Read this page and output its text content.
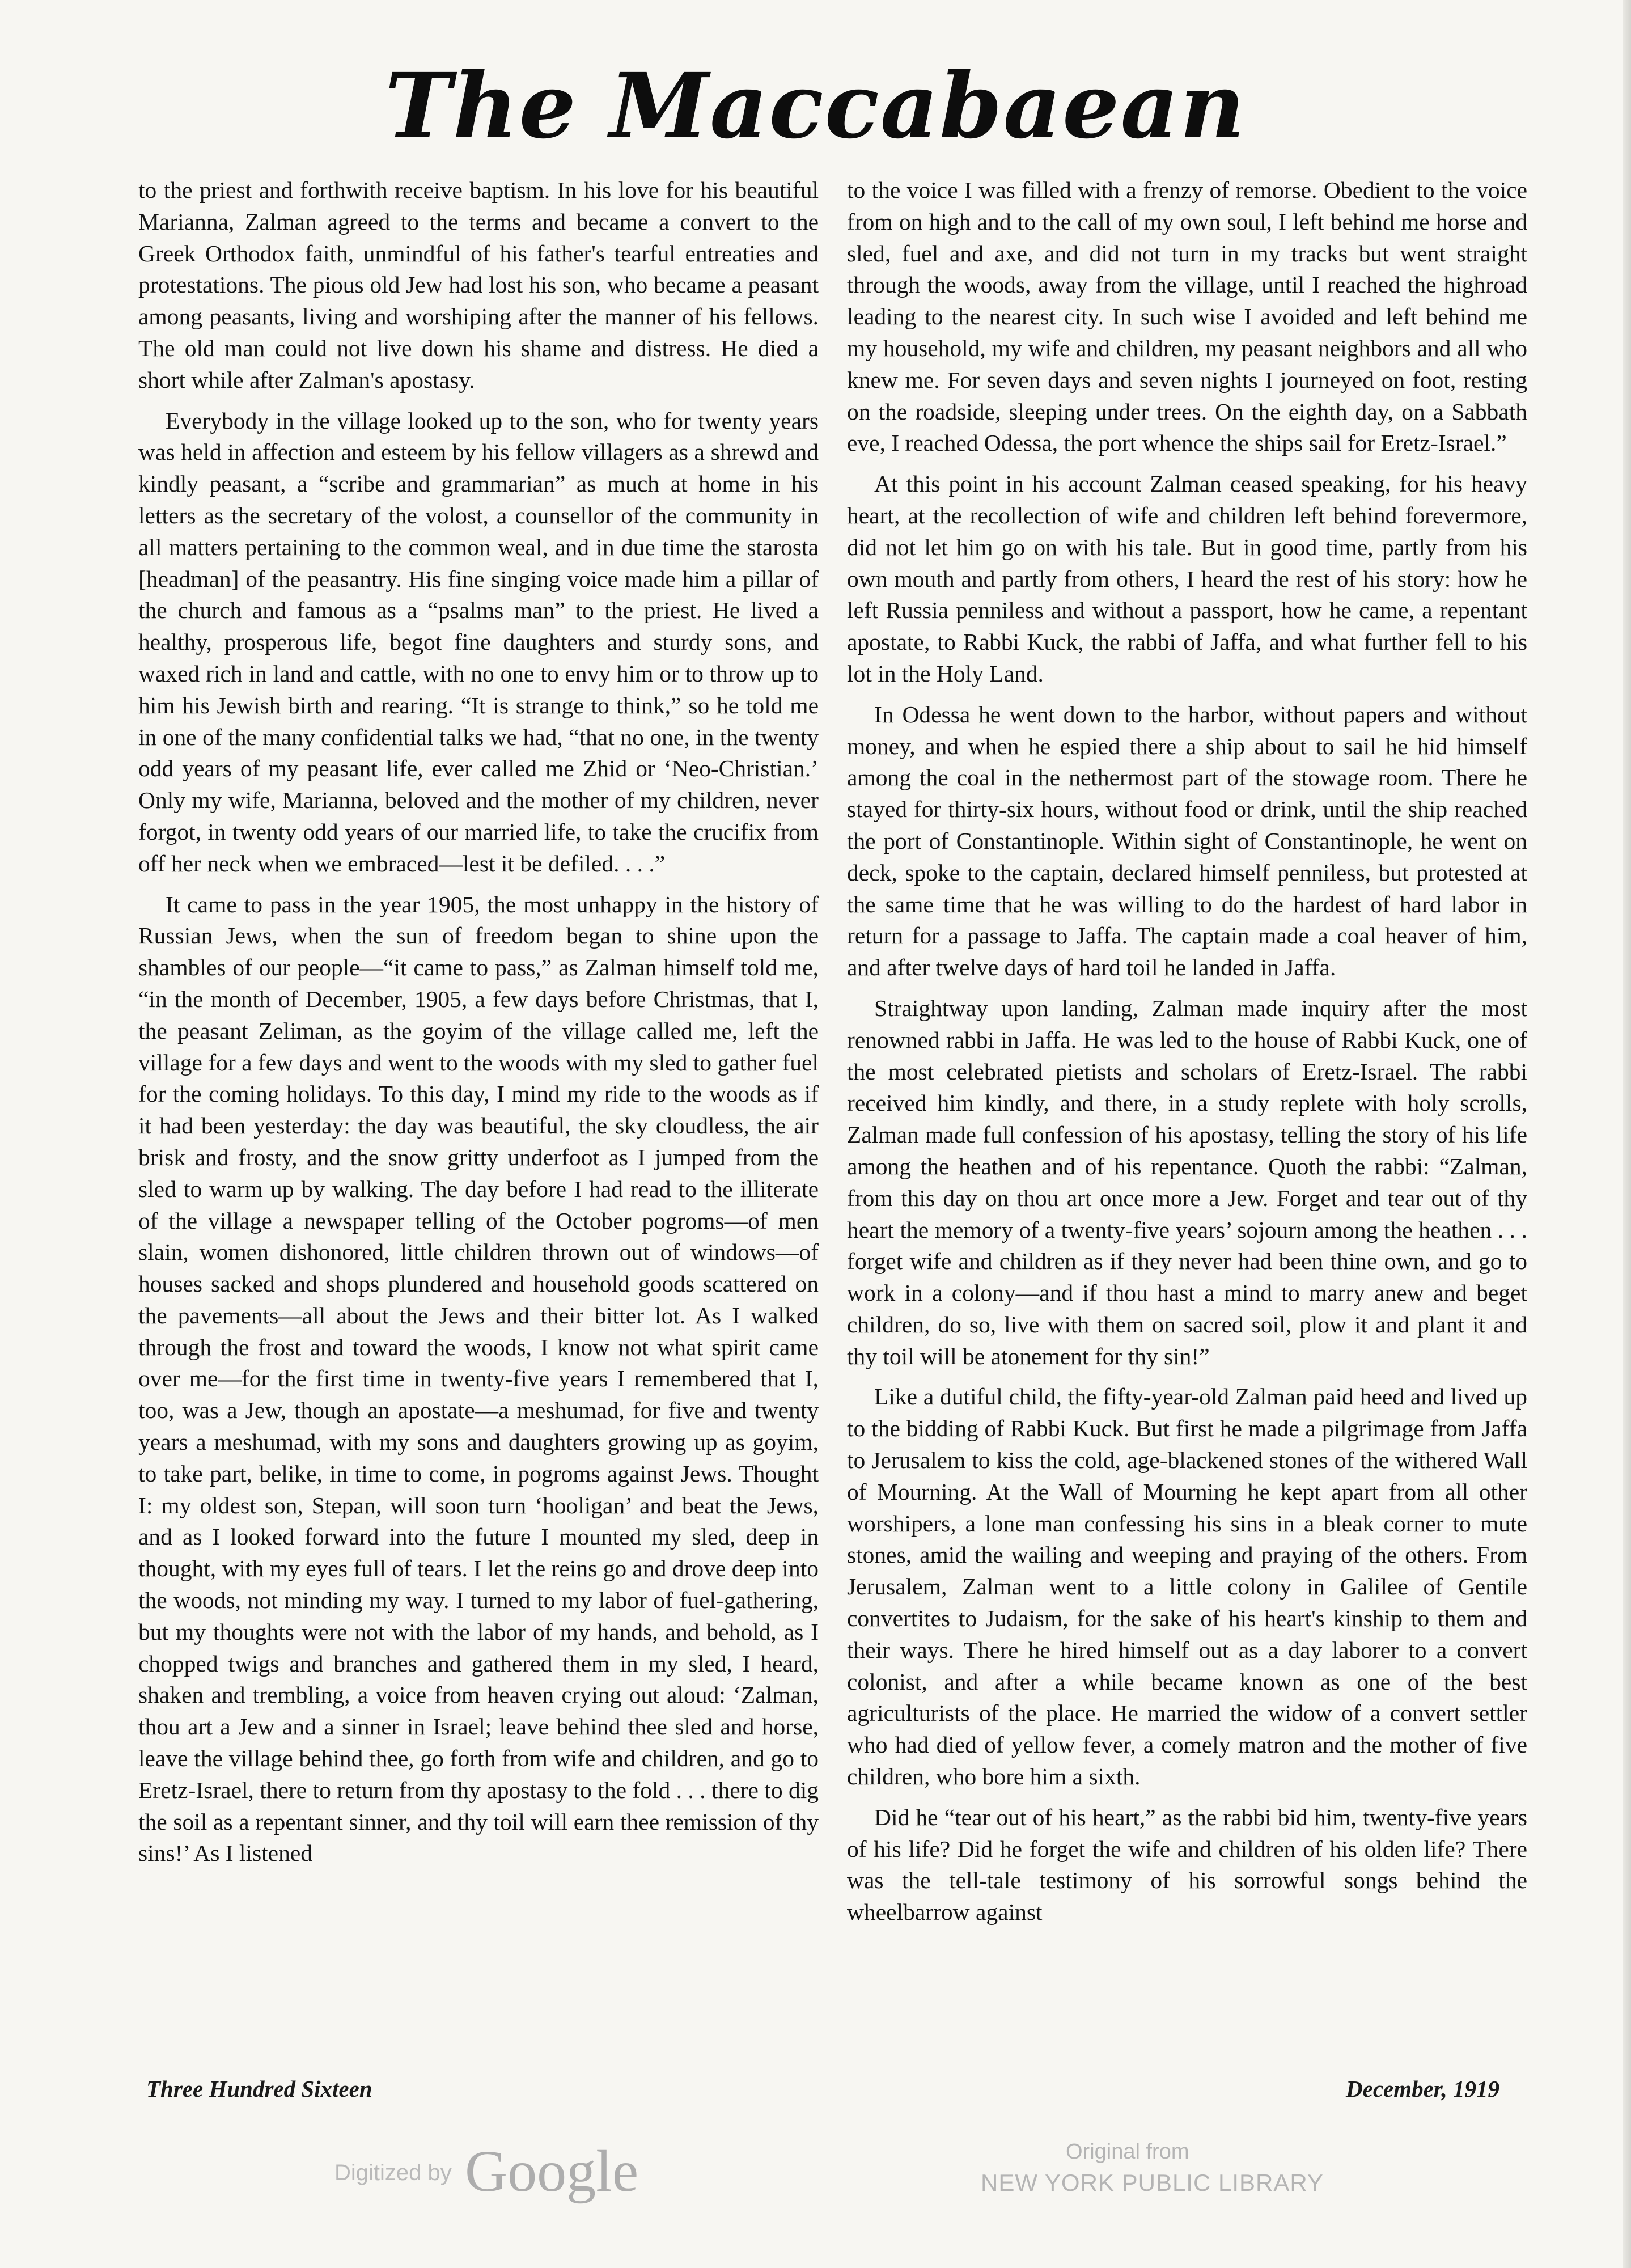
The Maccabaean

to the priest and forthwith receive baptism. In his love for his beautiful Marianna, Zalman agreed to the terms and became a convert to the Greek Orthodox faith, unmindful of his father's tearful entreaties and protestations. The pious old Jew had lost his son, who became a peasant among peasants, living and worshiping after the manner of his fellows. The old man could not live down his shame and distress. He died a short while after Zalman's apostasy.

Everybody in the village looked up to the son, who for twenty years was held in affection and esteem by his fellow villagers as a shrewd and kindly peasant, a “scribe and grammarian” as much at home in his letters as the secretary of the volost, a counsellor of the community in all matters pertaining to the common weal, and in due time the starosta [headman] of the peasantry. His fine singing voice made him a pillar of the church and famous as a “psalms man” to the priest. He lived a healthy, prosperous life, begot fine daughters and sturdy sons, and waxed rich in land and cattle, with no one to envy him or to throw up to him his Jewish birth and rearing. “It is strange to think,” so he told me in one of the many confidential talks we had, “that no one, in the twenty odd years of my peasant life, ever called me Zhid or ‘Neo-Christian.’ Only my wife, Marianna, beloved and the mother of my children, never forgot, in twenty odd years of our married life, to take the crucifix from off her neck when we embraced—lest it be defiled. . . .”

It came to pass in the year 1905, the most unhappy in the history of Russian Jews, when the sun of freedom began to shine upon the shambles of our people—“it came to pass,” as Zalman himself told me, “in the month of December, 1905, a few days before Christmas, that I, the peasant Zeliman, as the goyim of the village called me, left the village for a few days and went to the woods with my sled to gather fuel for the coming holidays. To this day, I mind my ride to the woods as if it had been yesterday: the day was beautiful, the sky cloudless, the air brisk and frosty, and the snow gritty underfoot as I jumped from the sled to warm up by walking. The day before I had read to the illiterate of the village a newspaper telling of the October pogroms—of men slain, women dishonored, little children thrown out of windows—of houses sacked and shops plundered and household goods scattered on the pavements—all about the Jews and their bitter lot. As I walked through the frost and toward the woods, I know not what spirit came over me—for the first time in twenty-five years I remembered that I, too, was a Jew, though an apostate—a meshumad, for five and twenty years a meshumad, with my sons and daughters growing up as goyim, to take part, belike, in time to come, in pogroms against Jews. Thought I: my oldest son, Stepan, will soon turn ‘hooligan’ and beat the Jews, and as I looked forward into the future I mounted my sled, deep in thought, with my eyes full of tears. I let the reins go and drove deep into the woods, not minding my way. I turned to my labor of fuel-gathering, but my thoughts were not with the labor of my hands, and behold, as I chopped twigs and branches and gathered them in my sled, I heard, shaken and trembling, a voice from heaven crying out aloud: ‘Zalman, thou art a Jew and a sinner in Israel; leave behind thee sled and horse, leave the village behind thee, go forth from wife and children, and go to Eretz-Israel, there to return from thy apostasy to the fold . . . there to dig the soil as a repentant sinner, and thy toil will earn thee remission of thy sins!’ As I listened

to the voice I was filled with a frenzy of remorse. Obedient to the voice from on high and to the call of my own soul, I left behind me horse and sled, fuel and axe, and did not turn in my tracks but went straight through the woods, away from the village, until I reached the highroad leading to the nearest city. In such wise I avoided and left behind me my household, my wife and children, my peasant neighbors and all who knew me. For seven days and seven nights I journeyed on foot, resting on the roadside, sleeping under trees. On the eighth day, on a Sabbath eve, I reached Odessa, the port whence the ships sail for Eretz-Israel.”

At this point in his account Zalman ceased speaking, for his heavy heart, at the recollection of wife and children left behind forevermore, did not let him go on with his tale. But in good time, partly from his own mouth and partly from others, I heard the rest of his story: how he left Russia penniless and without a passport, how he came, a repentant apostate, to Rabbi Kuck, the rabbi of Jaffa, and what further fell to his lot in the Holy Land.

In Odessa he went down to the harbor, without papers and without money, and when he espied there a ship about to sail he hid himself among the coal in the nethermost part of the stowage room. There he stayed for thirty-six hours, without food or drink, until the ship reached the port of Constantinople. Within sight of Constantinople, he went on deck, spoke to the captain, declared himself penniless, but protested at the same time that he was willing to do the hardest of hard labor in return for a passage to Jaffa. The captain made a coal heaver of him, and after twelve days of hard toil he landed in Jaffa.

Straightway upon landing, Zalman made inquiry after the most renowned rabbi in Jaffa. He was led to the house of Rabbi Kuck, one of the most celebrated pietists and scholars of Eretz-Israel. The rabbi received him kindly, and there, in a study replete with holy scrolls, Zalman made full confession of his apostasy, telling the story of his life among the heathen and of his repentance. Quoth the rabbi: “Zalman, from this day on thou art once more a Jew. Forget and tear out of thy heart the memory of a twenty-five years’ sojourn among the heathen . . . forget wife and children as if they never had been thine own, and go to work in a colony—and if thou hast a mind to marry anew and beget children, do so, live with them on sacred soil, plow it and plant it and thy toil will be atonement for thy sin!”

Like a dutiful child, the fifty-year-old Zalman paid heed and lived up to the bidding of Rabbi Kuck. But first he made a pilgrimage from Jaffa to Jerusalem to kiss the cold, age-blackened stones of the withered Wall of Mourning. At the Wall of Mourning he kept apart from all other worshipers, a lone man confessing his sins in a bleak corner to mute stones, amid the wailing and weeping and praying of the others. From Jerusalem, Zalman went to a little colony in Galilee of Gentile convertites to Judaism, for the sake of his heart's kinship to them and their ways. There he hired himself out as a day laborer to a convert colonist, and after a while became known as one of the best agriculturists of the place. He married the widow of a convert settler who had died of yellow fever, a comely matron and the mother of five children, who bore him a sixth.

Did he “tear out of his heart,” as the rabbi bid him, twenty-five years of his life? Did he forget the wife and children of his olden life? There was the tell-tale testimony of his sorrowful songs behind the wheelbarrow against

Three Hundred Sixteen	December, 1919
Digitized by Google	Original from
NEW YORK PUBLIC LIBRARY
